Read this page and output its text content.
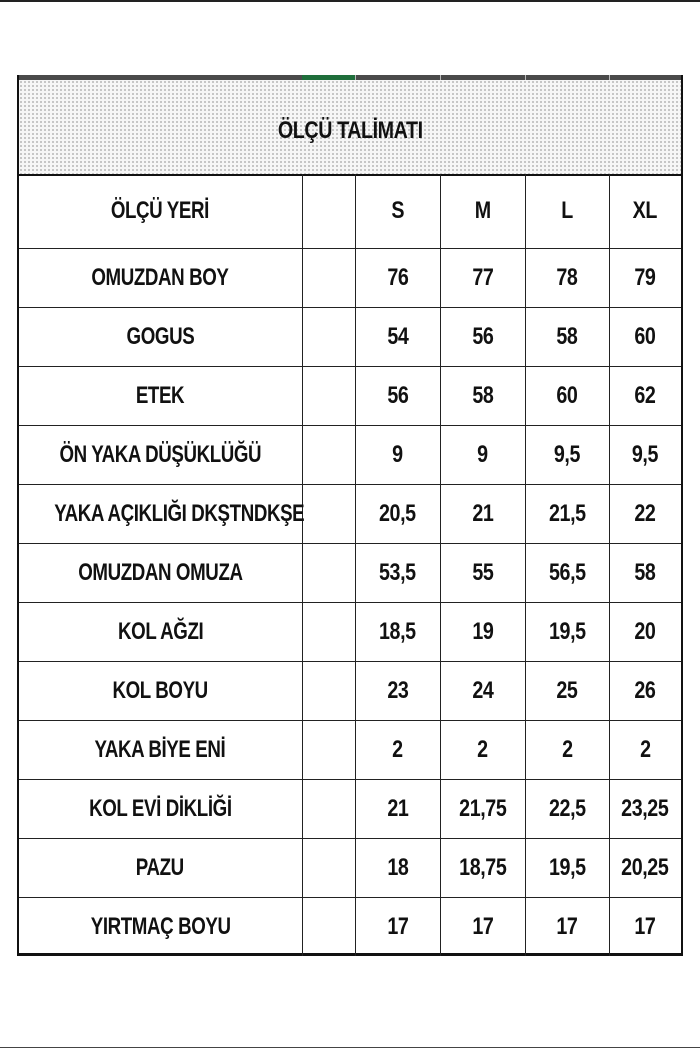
ÖLÇÜ TALİMATI
ÖLÇÜ YERİ		S	M	L	XL
OMUZDAN BOY		76	77	78	79
GOGUS		54	56	58	60
ETEK		56	58	60	62
ÖN YAKA DÜŞÜKLÜĞÜ		9	9	9,5	9,5
YAKA AÇIKLIĞI DKŞTNDKŞE		20,5	21	21,5	22
OMUZDAN OMUZA		53,5	55	56,5	58
KOL AĞZI		18,5	19	19,5	20
KOL BOYU		23	24	25	26
YAKA BİYE ENİ		2	2	2	2
KOL EVİ DİKLİĞİ		21	21,75	22,5	23,25
PAZU		18	18,75	19,5	20,25
YIRTMAÇ BOYU		17	17	17	17
